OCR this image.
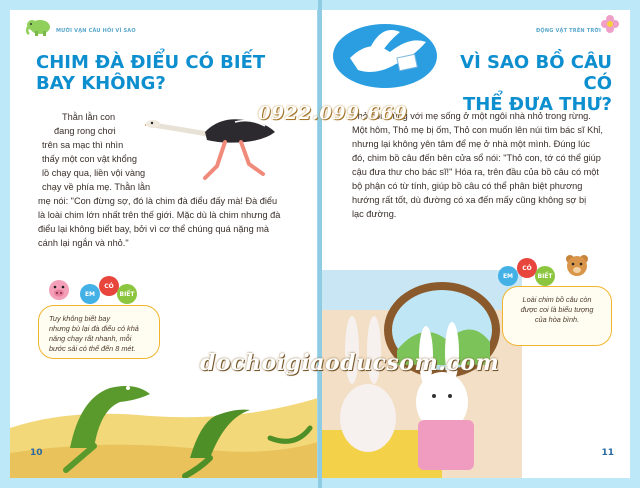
MƯỜI VẠN CÂU HỎI VÌ SAO
CHIM ĐÀ ĐIỂU CÓ BIẾT
BAY KHÔNG?
Thằn lằn con
đang rong chơi
trên sa mạc thì nhìn
thấy một con vật khổng
lồ chạy qua, liền vội vàng
chạy về phía mẹ. Thằn lằn
mẹ nói: "Con đừng sợ, đó là chim đà điểu đấy mà! Đà điểu
là loài chim lớn nhất trên thế giới. Mặc dù là chim nhưng đà
điểu lại không biết bay, bởi vì cơ thể chúng quá nặng mà
cánh lại ngắn và nhỏ."
EM
CÓ
BIẾT
Tuy không biết bay
nhưng bù lại đà điểu có khả
năng chạy rất nhanh, mỗi
bước sải có thể đến 8 mét.
10
ĐỘNG VẬT TRÊN TRỜI
VÌ SAO BỒ CÂU CÓ
THỂ ĐƯA THƯ?
Thỏ con cùng với mẹ sống ở một ngôi nhà nhỏ trong rừng.
Một hôm, Thỏ mẹ bị ốm, Thỏ con muốn lên núi tìm bác sĩ Khỉ,
nhưng lại không yên tâm để mẹ ở nhà một mình. Đúng lúc
đó, chim bồ câu đến bên cửa sổ nói: "Thỏ con, tớ có thể giúp
cậu đưa thư cho bác sĩ!" Hóa ra, trên đầu của bồ câu có một
bộ phận có từ tính, giúp bồ câu có thể phân biệt phương
hướng rất tốt, dù đường có xa đến mấy cũng không sợ bị
lạc đường.
EM
CÓ
BIẾT
Loài chim bồ câu còn
được coi là biểu tượng
của hòa bình.
11
0922.099.669
dochoigiaoducsom.com
